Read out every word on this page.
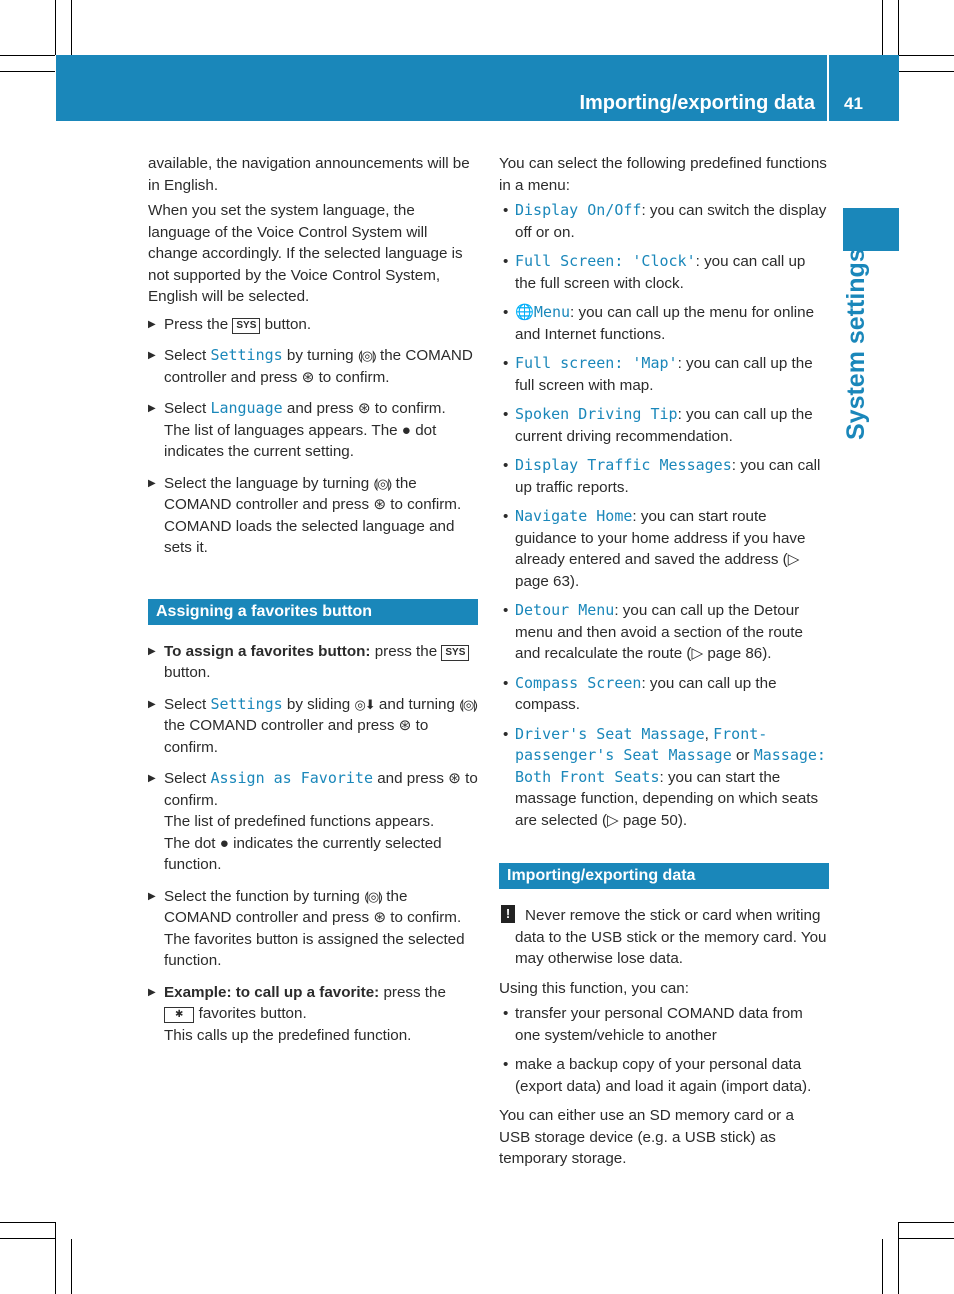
Importing/exporting data 41
System settings

available, the navigation announcements will be in English.

When you set the system language, the language of the Voice Control System will change accordingly. If the selected language is not supported by the Voice Control System, English will be selected.

▶ Press the SYS button.
▶ Select Settings by turning ⟬◎⟭ the COMAND controller and press ⊛ to confirm.
▶ Select Language and press ⊛ to confirm.
The list of languages appears. The ● dot indicates the current setting.
▶ Select the language by turning ⟬◎⟭ the COMAND controller and press ⊛ to confirm.
COMAND loads the selected language and sets it.
Assigning a favorites button
▶ To assign a favorites button: press the SYS button.
▶ Select Settings by sliding ◎⬇ and turning ⟬◎⟭ the COMAND controller and press ⊛ to confirm.
▶ Select Assign as Favorite and press ⊛ to confirm.
The list of predefined functions appears.
The dot ● indicates the currently selected function.
▶ Select the function by turning ⟬◎⟭ the COMAND controller and press ⊛ to confirm.
The favorites button is assigned the selected function.
▶ Example: to call up a favorite: press the ✱ favorites button.
This calls up the predefined function.

You can select the following predefined functions in a menu:

• Display On/Off: you can switch the display off or on.
• Full Screen: 'Clock': you can call up the full screen with clock.
• 🌐Menu: you can call up the menu for online and Internet functions.
• Full screen: 'Map': you can call up the full screen with map.
• Spoken Driving Tip: you can call up the current driving recommendation.
• Display Traffic Messages: you can call up traffic reports.
• Navigate Home: you can start route guidance to your home address if you have already entered and saved the address (▷ page 63).
• Detour Menu: you can call up the Detour menu and then avoid a section of the route and recalculate the route (▷ page 86).
• Compass Screen: you can call up the compass.
• Driver's Seat Massage, Front-passenger's Seat Massage or Massage: Both Front Seats: you can start the massage function, depending on which seats are selected (▷ page 50).
Importing/exporting data
! Never remove the stick or card when writing data to the USB stick or the memory card. You may otherwise lose data.

Using this function, you can:

• transfer your personal COMAND data from one system/vehicle to another
• make a backup copy of your personal data (export data) and load it again (import data).

You can either use an SD memory card or a USB storage device (e.g. a USB stick) as temporary storage.
